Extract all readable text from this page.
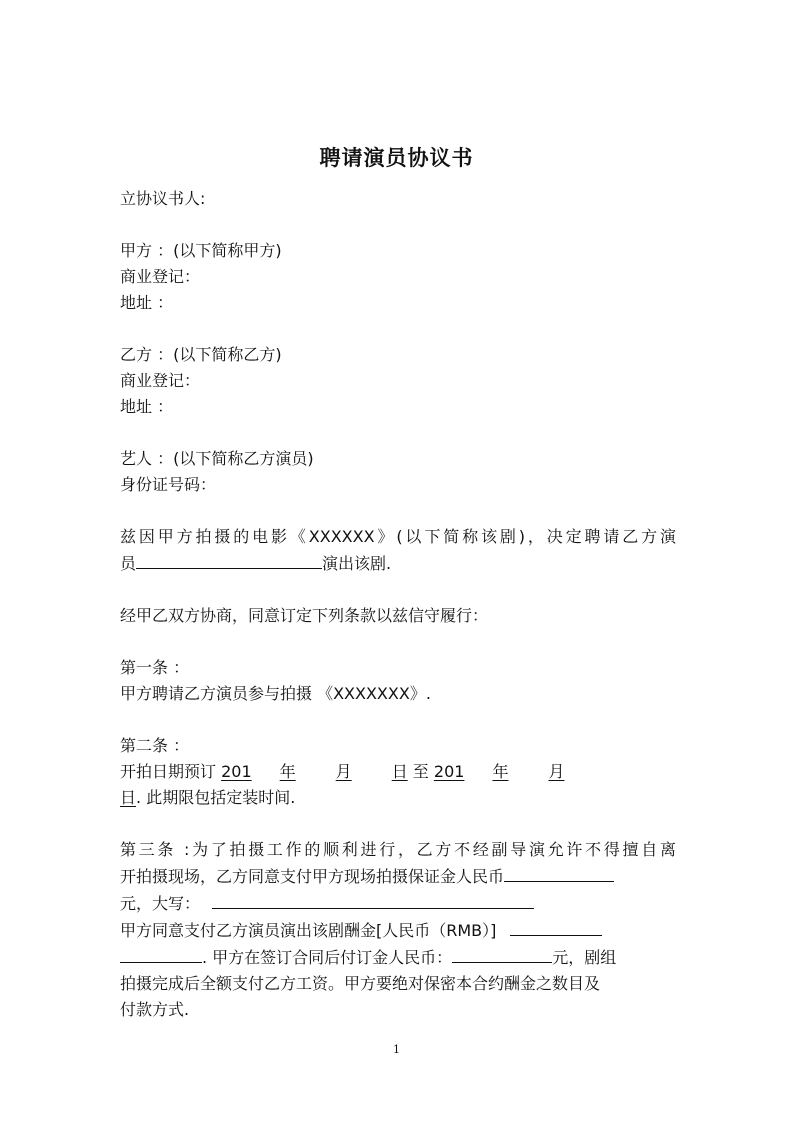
聘请演员协议书

立协议书人:

甲方 ：(以下简称甲方)

商业登记：

地址 ：

乙方 ：(以下简称乙方)

商业登记：

地址 ：

艺人 ：(以下简称乙方演员)

身份证号码：

兹因甲方拍摄的电影《XXXXXX》(以下简称该剧)，决定聘请乙方演

员	演出该剧.

经甲乙双方协商，同意订定下列条款以兹信守履行：

第一条 ：

甲方聘请乙方演员参与拍摄 《XXXXXXX》.

第二条 ：

开拍日期预订 201 年	月	日 至 201 年	月

日. 此期限包括定装时间.

第三条 :为了拍摄工作的顺利进行，乙方不经副导演允许不得擅自离

开拍摄现场，乙方同意支付甲方现场拍摄保证金人民币

元，大写：

甲方同意支付乙方演员演出该剧酬金[人民币（RMB）]

. 甲方在签订合同后付订金人民币：	元，剧组

拍摄完成后全额支付乙方工资。甲方要绝对保密本合约酬金之数目及

付款方式.

1
